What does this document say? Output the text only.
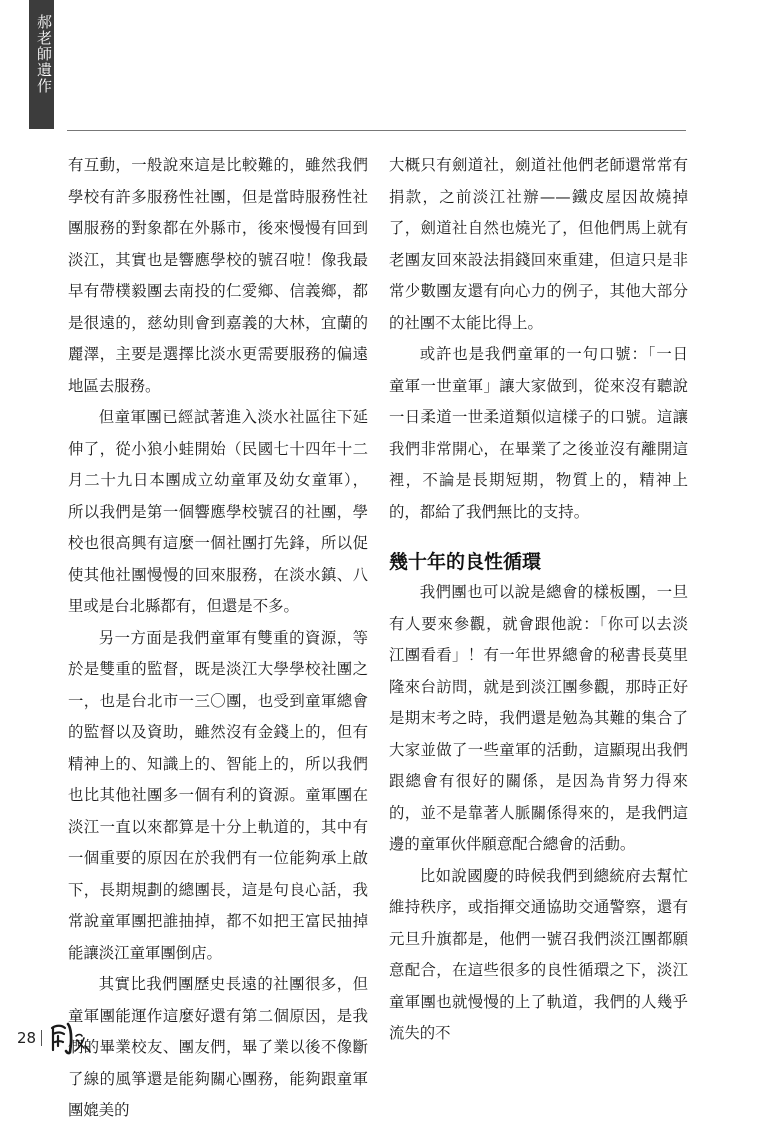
郝老師遺作

有互動，一般說來這是比較難的，雖然我們學校有許多服務性社團，但是當時服務性社團服務的對象都在外縣市，後來慢慢有回到淡江，其實也是響應學校的號召啦！像我最早有帶樸毅團去南投的仁愛鄉、信義鄉，都是很遠的，慈幼則會到嘉義的大林，宜蘭的麗澤，主要是選擇比淡水更需要服務的偏遠地區去服務。

但童軍團已經試著進入淡水社區往下延伸了，從小狼小蛙開始（民國七十四年十二月二十九日本團成立幼童軍及幼女童軍），所以我們是第一個響應學校號召的社團，學校也很高興有這麼一個社團打先鋒，所以促使其他社團慢慢的回來服務，在淡水鎮、八里或是台北縣都有，但還是不多。

另一方面是我們童軍有雙重的資源，等於是雙重的監督，既是淡江大學學校社團之一，也是台北市一三〇團，也受到童軍總會的監督以及資助，雖然沒有金錢上的，但有精神上的、知識上的、智能上的，所以我們也比其他社團多一個有利的資源。童軍團在淡江一直以來都算是十分上軌道的，其中有一個重要的原因在於我們有一位能夠承上啟下，長期規劃的總團長，這是句良心話，我常說童軍團把誰抽掉，都不如把王富民抽掉能讓淡江童軍團倒店。

其實比我們團歷史長遠的社團很多，但童軍團能運作這麼好還有第二個原因，是我們的畢業校友、團友們，畢了業以後不像斷了線的風箏還是能夠關心團務，能夠跟童軍團媲美的

大概只有劍道社，劍道社他們老師還常常有捐款，之前淡江社辦——鐵皮屋因故燒掉了，劍道社自然也燒光了，但他們馬上就有老團友回來設法捐錢回來重建，但這只是非常少數團友還有向心力的例子，其他大部分的社團不太能比得上。

或許也是我們童軍的一句口號：「一日童軍一世童軍」讓大家做到，從來沒有聽說一日柔道一世柔道類似這樣子的口號。這讓我們非常開心，在畢業了之後並沒有離開這裡，不論是長期短期，物質上的，精神上的，都給了我們無比的支持。

幾十年的良性循環

我們團也可以說是總會的樣板團，一旦有人要來參觀，就會跟他說：「你可以去淡江團看看」！有一年世界總會的秘書長莫里隆來台訪問，就是到淡江團參觀，那時正好是期末考之時，我們還是勉為其難的集合了大家並做了一些童軍的活動，這顯現出我們跟總會有很好的關係，是因為肯努力得來的，並不是靠著人脈關係得來的，是我們這邊的童軍伙伴願意配合總會的活動。

比如說國慶的時候我們到總統府去幫忙維持秩序，或指揮交通協助交通警察，還有元旦升旗都是，他們一號召我們淡江團都願意配合，在這些很多的良性循環之下，淡江童軍團也就慢慢的上了軌道，我們的人幾乎流失的不

28
